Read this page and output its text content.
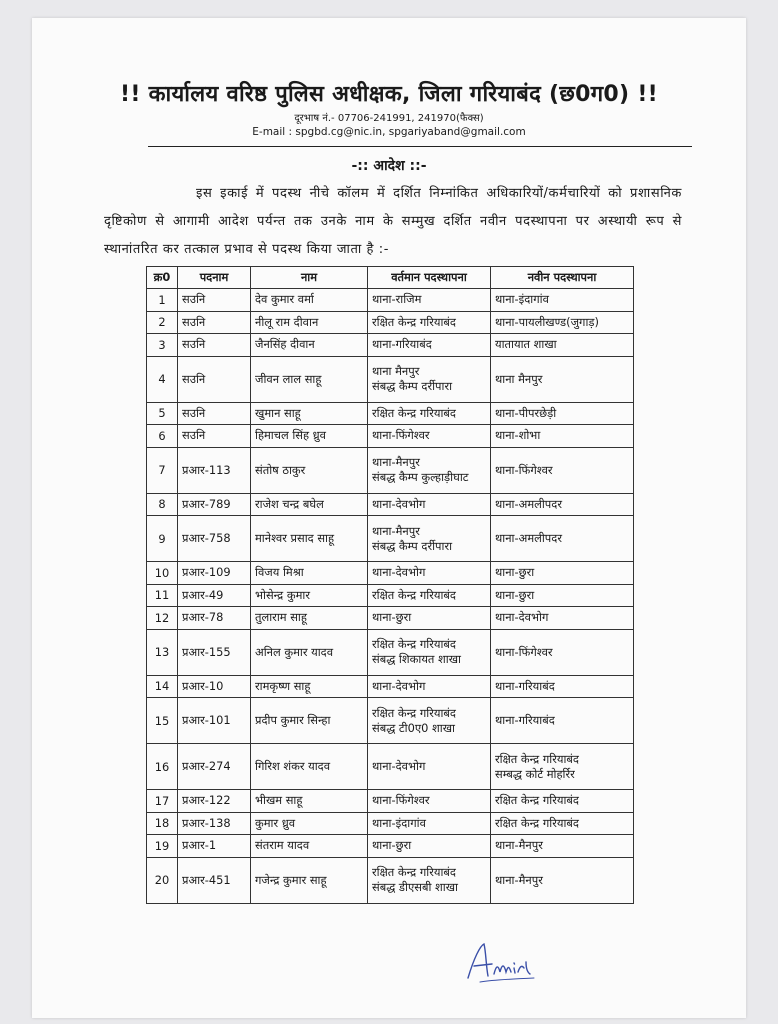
!! कार्यालय वरिष्ठ पुलिस अधीक्षक, जिला गरियाबंद (छ0ग0) !!
दूरभाष नं.- 07706-241991, 241970(फैक्स)
E-mail : spgbd.cg@nic.in, spgariyaband@gmail.com
-:: आदेश ::-
इस इकाई में पदस्थ नीचे कॉलम में दर्शित निम्नांकित अधिकारियों/कर्मचारियों को प्रशासनिक दृष्टिकोण से आगामी आदेश पर्यन्त तक उनके नाम के सम्मुख दर्शित नवीन पदस्थापना पर अस्थायी रूप से स्थानांतरित कर तत्काल प्रभाव से पदस्थ किया जाता है :-
क्र0	पदनाम	नाम	वर्तमान पदस्थापना	नवीन पदस्थापना
1	सउनि	देव कुमार वर्मा	थाना-राजिम	थाना-इंदागांव

2	सउनि	नीलू राम दीवान	रक्षित केन्द्र गरियाबंद	थाना-पायलीखण्ड(जुगाड़)

3	सउनि	जैनसिंह दीवान	थाना-गरियाबंद	यातायात शाखा

4	सउनि	जीवन लाल साहू	थाना मैनपुर
संबद्ध कैम्प दर्रीपारा	थाना मैनपुर

5	सउनि	खुमान साहू	रक्षित केन्द्र गरियाबंद	थाना-पीपरछेड़ी

6	सउनि	हिमाचल सिंह ध्रुव	थाना-फिंगेश्वर	थाना-शोभा

7	प्रआर-113	संतोष ठाकुर	थाना-मैनपुर
संबद्ध कैम्प कुल्हाड़ीघाट	थाना-फिंगेश्वर

8	प्रआर-789	राजेश चन्द्र बघेल	थाना-देवभोग	थाना-अमलीपदर

9	प्रआर-758	मानेश्वर प्रसाद साहू	थाना-मैनपुर
संबद्ध कैम्प दर्रीपारा	थाना-अमलीपदर

10	प्रआर-109	विजय मिश्रा	थाना-देवभोग	थाना-छुरा

11	प्रआर-49	भोसेन्द्र कुमार	रक्षित केन्द्र गरियाबंद	थाना-छुरा

12	प्रआर-78	तुलाराम साहू	थाना-छुरा	थाना-देवभोग

13	प्रआर-155	अनिल कुमार यादव	रक्षित केन्द्र गरियाबंद
संबद्ध शिकायत शाखा	थाना-फिंगेश्वर

14	प्रआर-10	रामकृष्ण साहू	थाना-देवभोग	थाना-गरियाबंद

15	प्रआर-101	प्रदीप कुमार सिन्हा	रक्षित केन्द्र गरियाबंद
संबद्ध टी0ए0 शाखा	थाना-गरियाबंद

16	प्रआर-274	गिरिश शंकर यादव	थाना-देवभोग	रक्षित केन्द्र गरियाबंद
सम्बद्ध कोर्ट मोहर्रिर

17	प्रआर-122	भीखम साहू	थाना-फिंगेश्वर	रक्षित केन्द्र गरियाबंद

18	प्रआर-138	कुमार ध्रुव	थाना-इंदागांव	रक्षित केन्द्र गरियाबंद

19	प्रआर-1	संतराम यादव	थाना-छुरा	थाना-मैनपुर

20	प्रआर-451	गजेन्द्र कुमार साहू	रक्षित केन्द्र गरियाबंद
संबद्ध डीएसबी शाखा	थाना-मैनपुर
